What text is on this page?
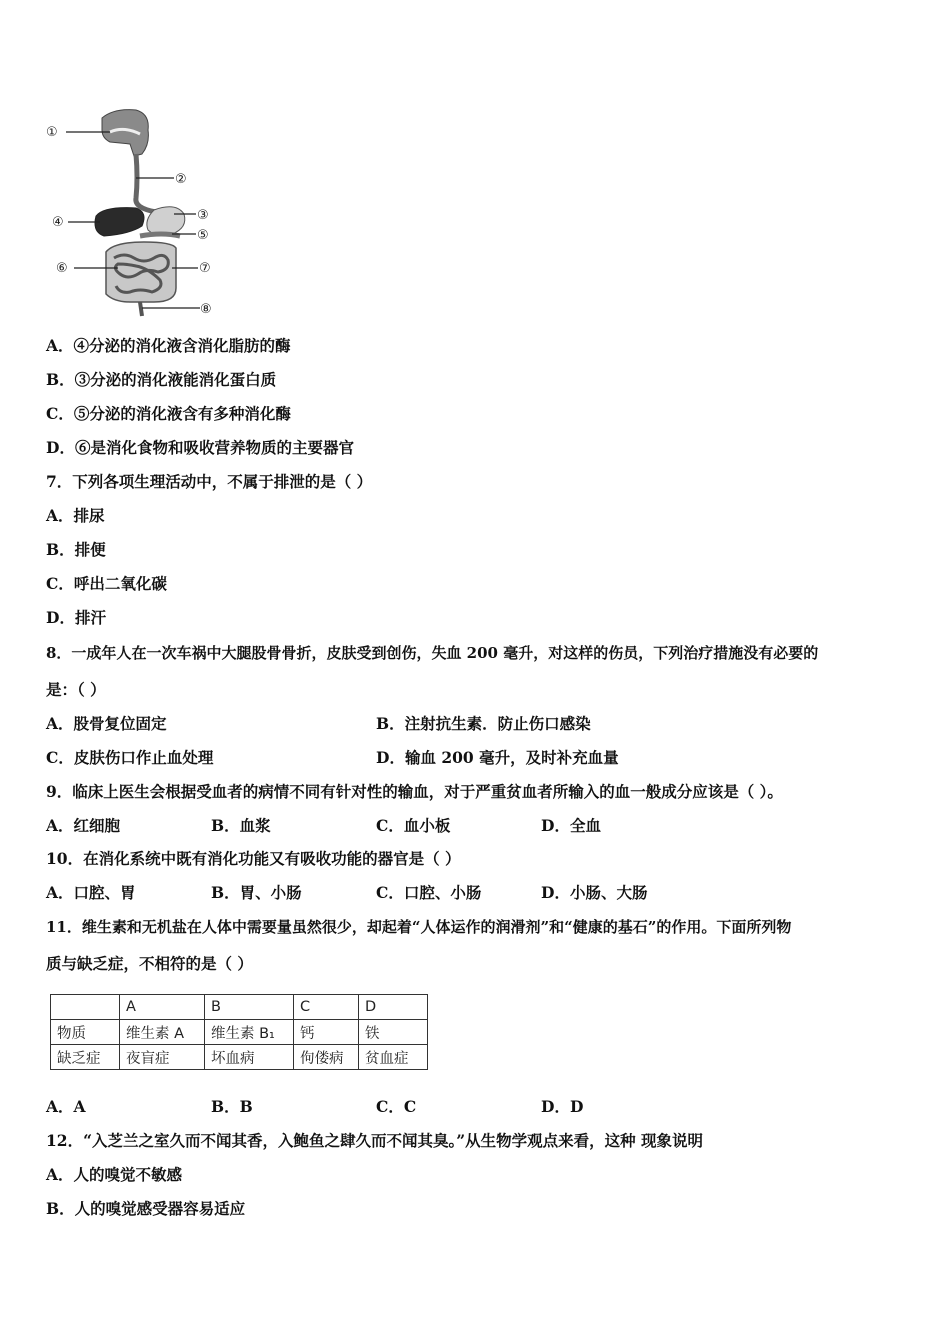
①
②
③
④
⑤
⑥	⑦
⑧
A．④分泌的消化液含消化脂肪的酶
B．③分泌的消化液能消化蛋白质
C．⑤分泌的消化液含有多种消化酶
D．⑥是消化食物和吸收营养物质的主要器官
7．下列各项生理活动中，不属于排泄的是（ ）
A．排尿
B．排便
C．呼出二氧化碳
D．排汗
8．一成年人在一次车祸中大腿股骨骨折，皮肤受到创伤，失血 200 毫升，对这样的伤员，下列治疗措施没有必要的
是：（ ）
A．股骨复位固定	B．注射抗生素．防止伤口感染
C．皮肤伤口作止血处理	D．输血 200 毫升，及时补充血量
9．临床上医生会根据受血者的病情不同有针对性的输血，对于严重贫血者所输入的血一般成分应该是（ ）。
A．红细胞	B．血浆	C．血小板	D．全血
10．在消化系统中既有消化功能又有吸收功能的器官是（ ）
A．口腔、胃	B．胃、小肠	C．口腔、小肠	D．小肠、大肠
11．维生素和无机盐在人体中需要量虽然很少，却起着“人体运作的润滑剂”和“健康的基石”的作用。下面所列物
质与缺乏症，不相符的是（ ）
	A	B	C	D
物质	维生素 A	维生素 B₁	钙	铁
缺乏症	夜盲症	坏血病	佝偻病	贫血症
A．A	B．B	C．C	D．D
12．“入芝兰之室久而不闻其香，入鲍鱼之肆久而不闻其臭。”从生物学观点来看，这种 现象说明
A．人的嗅觉不敏感
B．人的嗅觉感受器容易适应
